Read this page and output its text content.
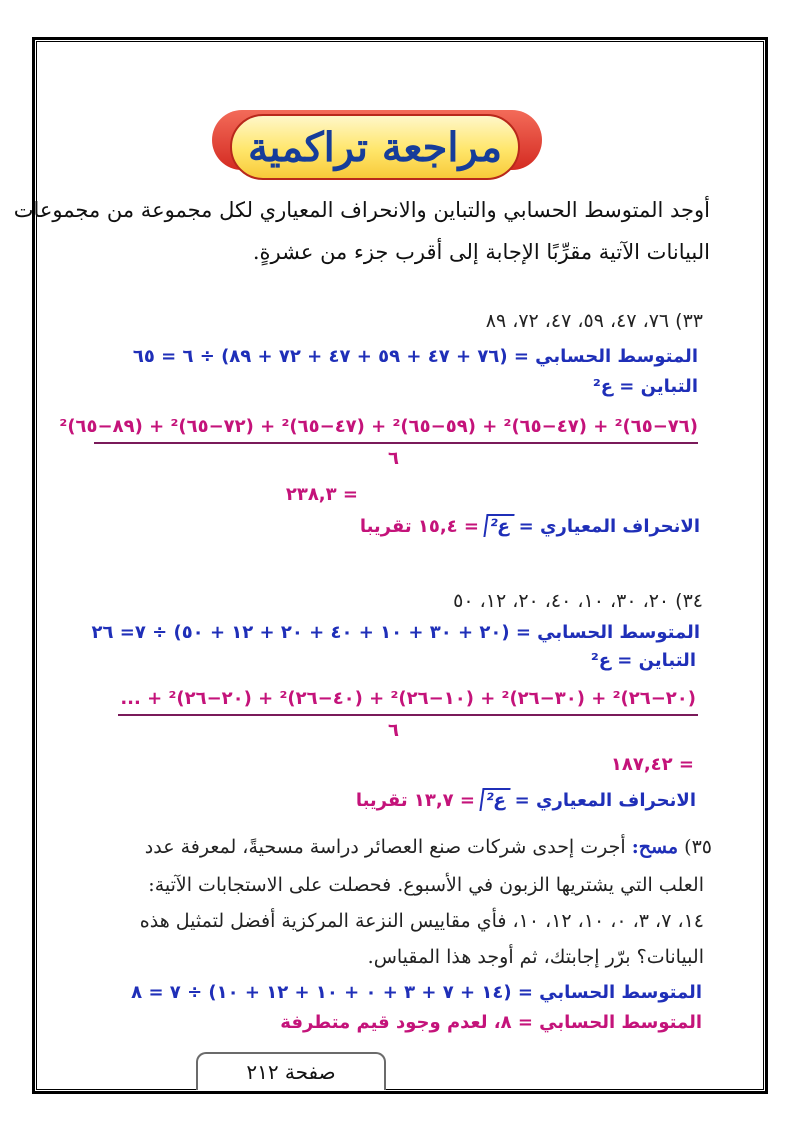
مراجعة تراكمية
أوجد المتوسط الحسابي والتباين والانحراف المعياري لكل مجموعة من مجموعات
البيانات الآتية مقرِّبًا الإجابة إلى أقرب جزء من عشرةٍ.
٣٣) ٧٦، ٤٧، ٥٩، ٤٧، ٧٢، ٨٩
المتوسط الحسابي = (٧٦ + ٤٧ + ٥٩ + ٤٧ + ٧٢ + ٨٩) ÷ ٦ = ٦٥
التباين = ع²
(٧٦−٦٥)² + (٤٧−٦٥)² + (٥٩−٦٥)² + (٤٧−٦٥)² + (٧٢−٦٥)² + (٨٩−٦٥)²
٦
= ٢٣٨,٣
الانحراف المعياري = ع² = ١٥,٤ تقريبا
٣٤) ٢٠، ٣٠، ١٠، ٤٠، ٢٠، ١٢، ٥٠
المتوسط الحسابي = (٢٠ + ٣٠ + ١٠ + ٤٠ + ٢٠ + ١٢ + ٥٠) ÷ ٧= ٢٦
التباين = ع²
(٢٠−٢٦)² + (٣٠−٢٦)² + (١٠−٢٦)² + (٤٠−٢٦)² + (٢٠−٢٦)² + ...
٦
= ١٨٧,٤٢
الانحراف المعياري = ع² = ١٣,٧ تقريبا
٣٥) مسح: أجرت إحدى شركات صنع العصائر دراسة مسحيةً، لمعرفة عدد
العلب التي يشتريها الزبون في الأسبوع. فحصلت على الاستجابات الآتية:
١٤، ٧، ٣، ٠، ١٠، ١٢، ١٠، فأي مقاييس النزعة المركزية أفضل لتمثيل هذه
البيانات؟ برّر إجابتك، ثم أوجد هذا المقياس.
المتوسط الحسابي = (١٤ + ٧ + ٣ + ٠ + ١٠ + ١٢ + ١٠) ÷ ٧ = ٨
المتوسط الحسابي = ٨، لعدم وجود قيم متطرفة
صفحة ٢١٢
